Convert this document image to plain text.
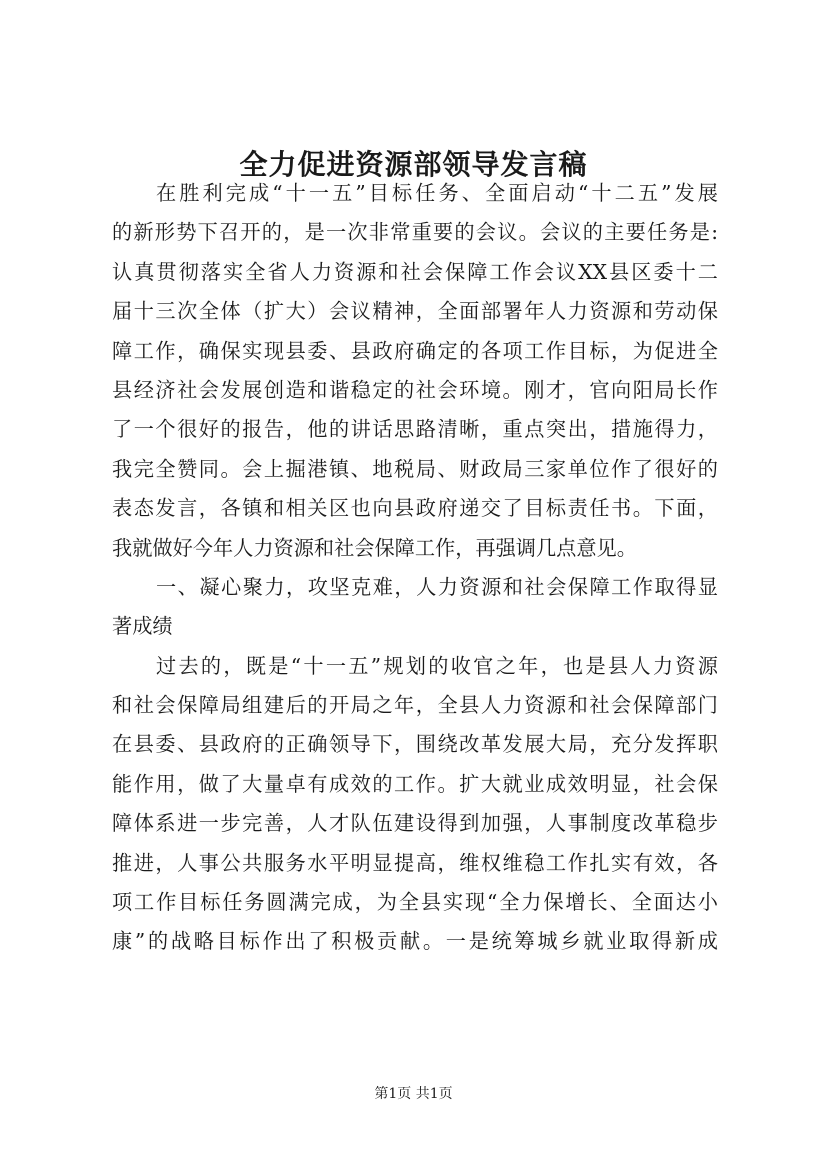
全力促进资源部领导发言稿
在胜利完成“十一五”目标任务、全面启动“十二五”发展
的新形势下召开的，是一次非常重要的会议。会议的主要任务是:
认真贯彻落实全省人力资源和社会保障工作会议XX县区委十二
届十三次全体（扩大）会议精神，全面部署年人力资源和劳动保
障工作，确保实现县委、县政府确定的各项工作目标，为促进全
县经济社会发展创造和谐稳定的社会环境。刚才，官向阳局长作
了一个很好的报告，他的讲话思路清晰，重点突出，措施得力，
我完全赞同。会上掘港镇、地税局、财政局三家单位作了很好的
表态发言，各镇和相关区也向县政府递交了目标责任书。下面，
我就做好今年人力资源和社会保障工作，再强调几点意见。
一、凝心聚力，攻坚克难，人力资源和社会保障工作取得显
著成绩
过去的，既是“十一五”规划的收官之年，也是县人力资源
和社会保障局组建后的开局之年，全县人力资源和社会保障部门
在县委、县政府的正确领导下，围绕改革发展大局，充分发挥职
能作用，做了大量卓有成效的工作。扩大就业成效明显，社会保
障体系进一步完善，人才队伍建设得到加强，人事制度改革稳步
推进，人事公共服务水平明显提高，维权维稳工作扎实有效，各
项工作目标任务圆满完成，为全县实现“全力保增长、全面达小
康”的战略目标作出了积极贡献。一是统筹城乡就业取得新成
第1页 共1页
